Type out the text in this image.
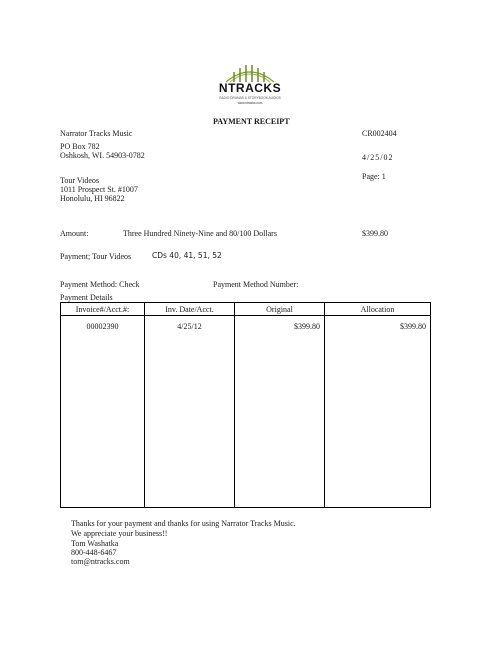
NTRACKS
RADIO DRAMAS & STORYBOOK AUDIOS
www.ntracks.com
PAYMENT RECEIPT
Narrator Tracks Music
PO Box 782
Oshkosh, WI. 54903-0782
CR002404
4/25/02
Page: 1
Tour Videos
1011 Prospect St. #1007
Honolulu, HI 96822
Amount:	Three Hundred Ninety-Nine and 80/100 Dollars	$399.80
Payment; Tour Videos	CDs 40, 41, 51, 52
Payment Method: Check	Payment Method Number:
Payment Details
Invoice#/Acct.#:	Inv. Date/Acct.	Original	Allocation
00002390	4/25/12	$399.80	$399.80
Thanks for your payment and thanks for using Narrator Tracks Music.
We appreciate your business!!
Tom Washatka
800-448-6467
tom@ntracks.com
